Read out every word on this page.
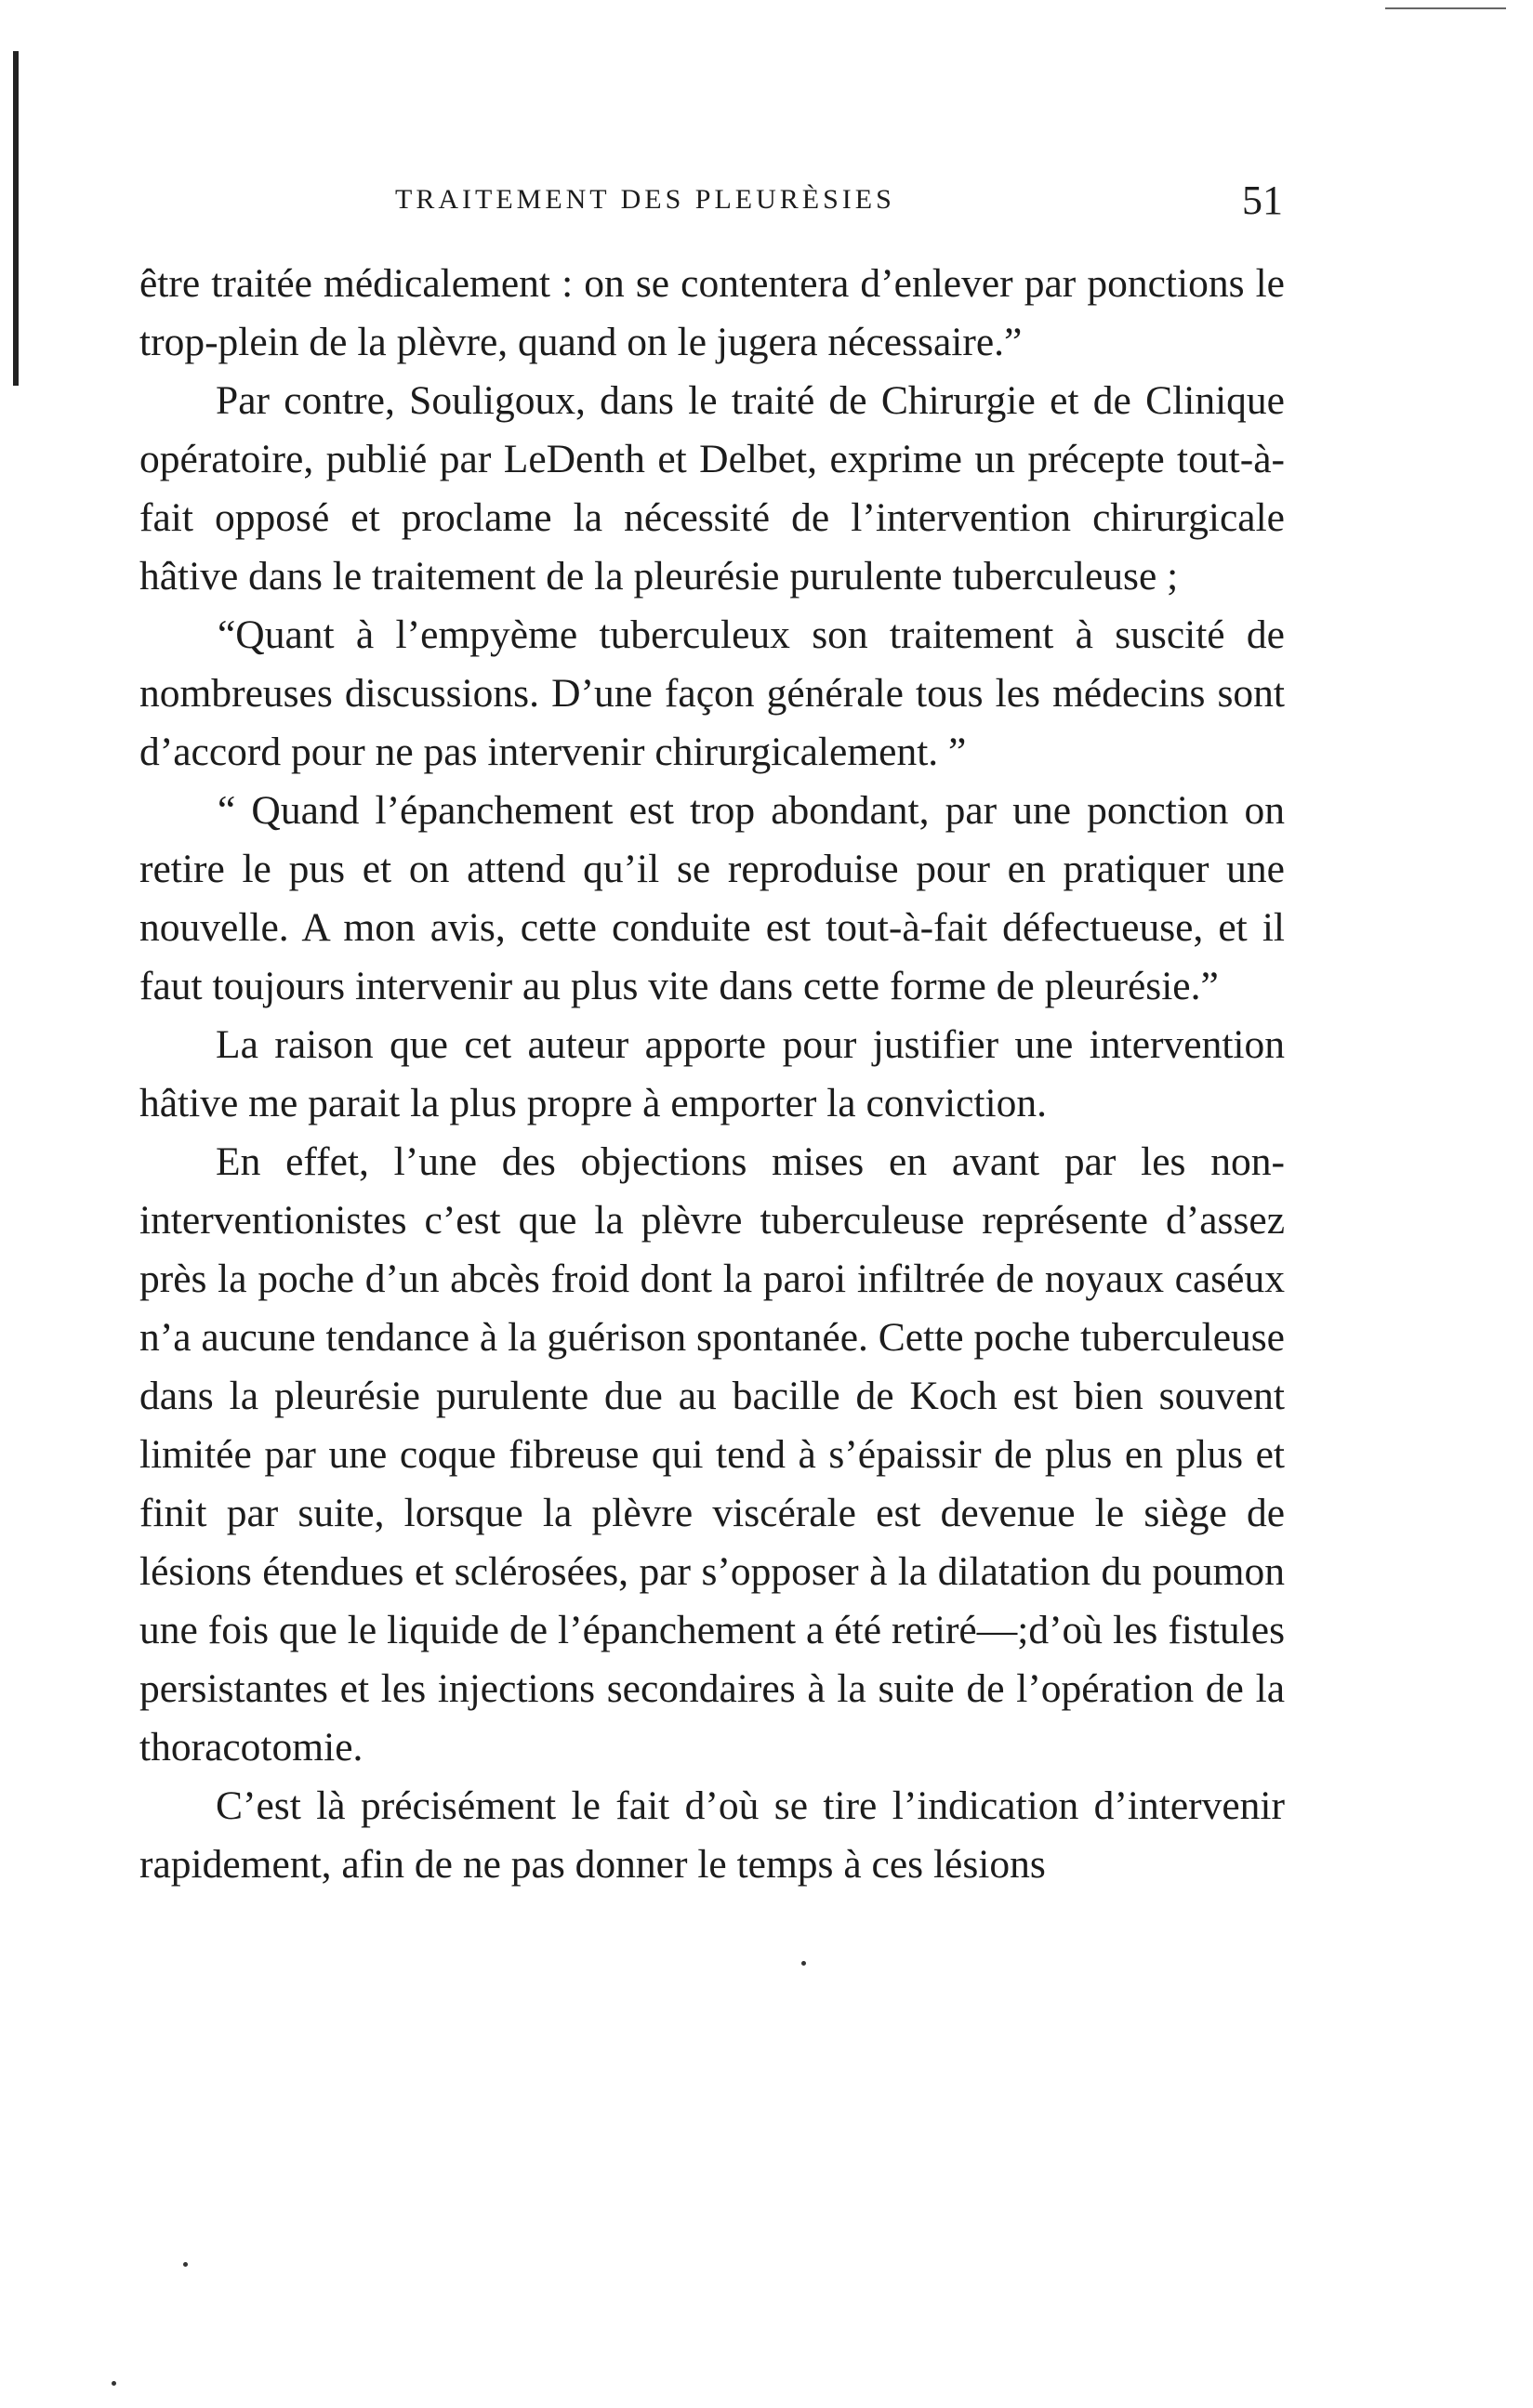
TRAITEMENT DES PLEURÈSIES	51

être traitée médicalement : on se contentera d’enlever par ponctions le trop-plein de la plèvre, quand on le jugera nécessaire.”

Par contre, Souligoux, dans le traité de Chirurgie et de Clinique opératoire, publié par LeDenth et Delbet, exprime un précepte tout-à-fait opposé et proclame la nécessité de l’intervention chirurgicale hâtive dans le traitement de la pleurésie purulente tuberculeuse ;

“Quant à l’empyème tuberculeux son traitement à suscité de nombreuses discussions. D’une façon générale tous les médecins sont d’accord pour ne pas intervenir chirurgicalement. ”

“ Quand l’épanchement est trop abondant, par une ponction on retire le pus et on attend qu’il se reproduise pour en pratiquer une nouvelle. A mon avis, cette conduite est tout-à-fait défectueuse, et il faut toujours intervenir au plus vite dans cette forme de pleurésie.”

La raison que cet auteur apporte pour justifier une intervention hâtive me parait la plus propre à emporter la conviction.

En effet, l’une des objections mises en avant par les non-interventionistes c’est que la plèvre tuberculeuse représente d’assez près la poche d’un abcès froid dont la paroi infiltrée de noyaux caséux n’a aucune tendance à la guérison spontanée. Cette poche tuberculeuse dans la pleurésie purulente due au bacille de Koch est bien souvent limitée par une coque fibreuse qui tend à s’épaissir de plus en plus et finit par suite, lorsque la plèvre viscérale est devenue le siège de lésions étendues et sclérosées, par s’opposer à la dilatation du poumon une fois que le liquide de l’épanchement a été retiré—;d’où les fistules persistantes et les injections secondaires à la suite de l’opération de la thoracotomie.

C’est là précisément le fait d’où se tire l’indication d’intervenir rapidement, afin de ne pas donner le temps à ces lésions
